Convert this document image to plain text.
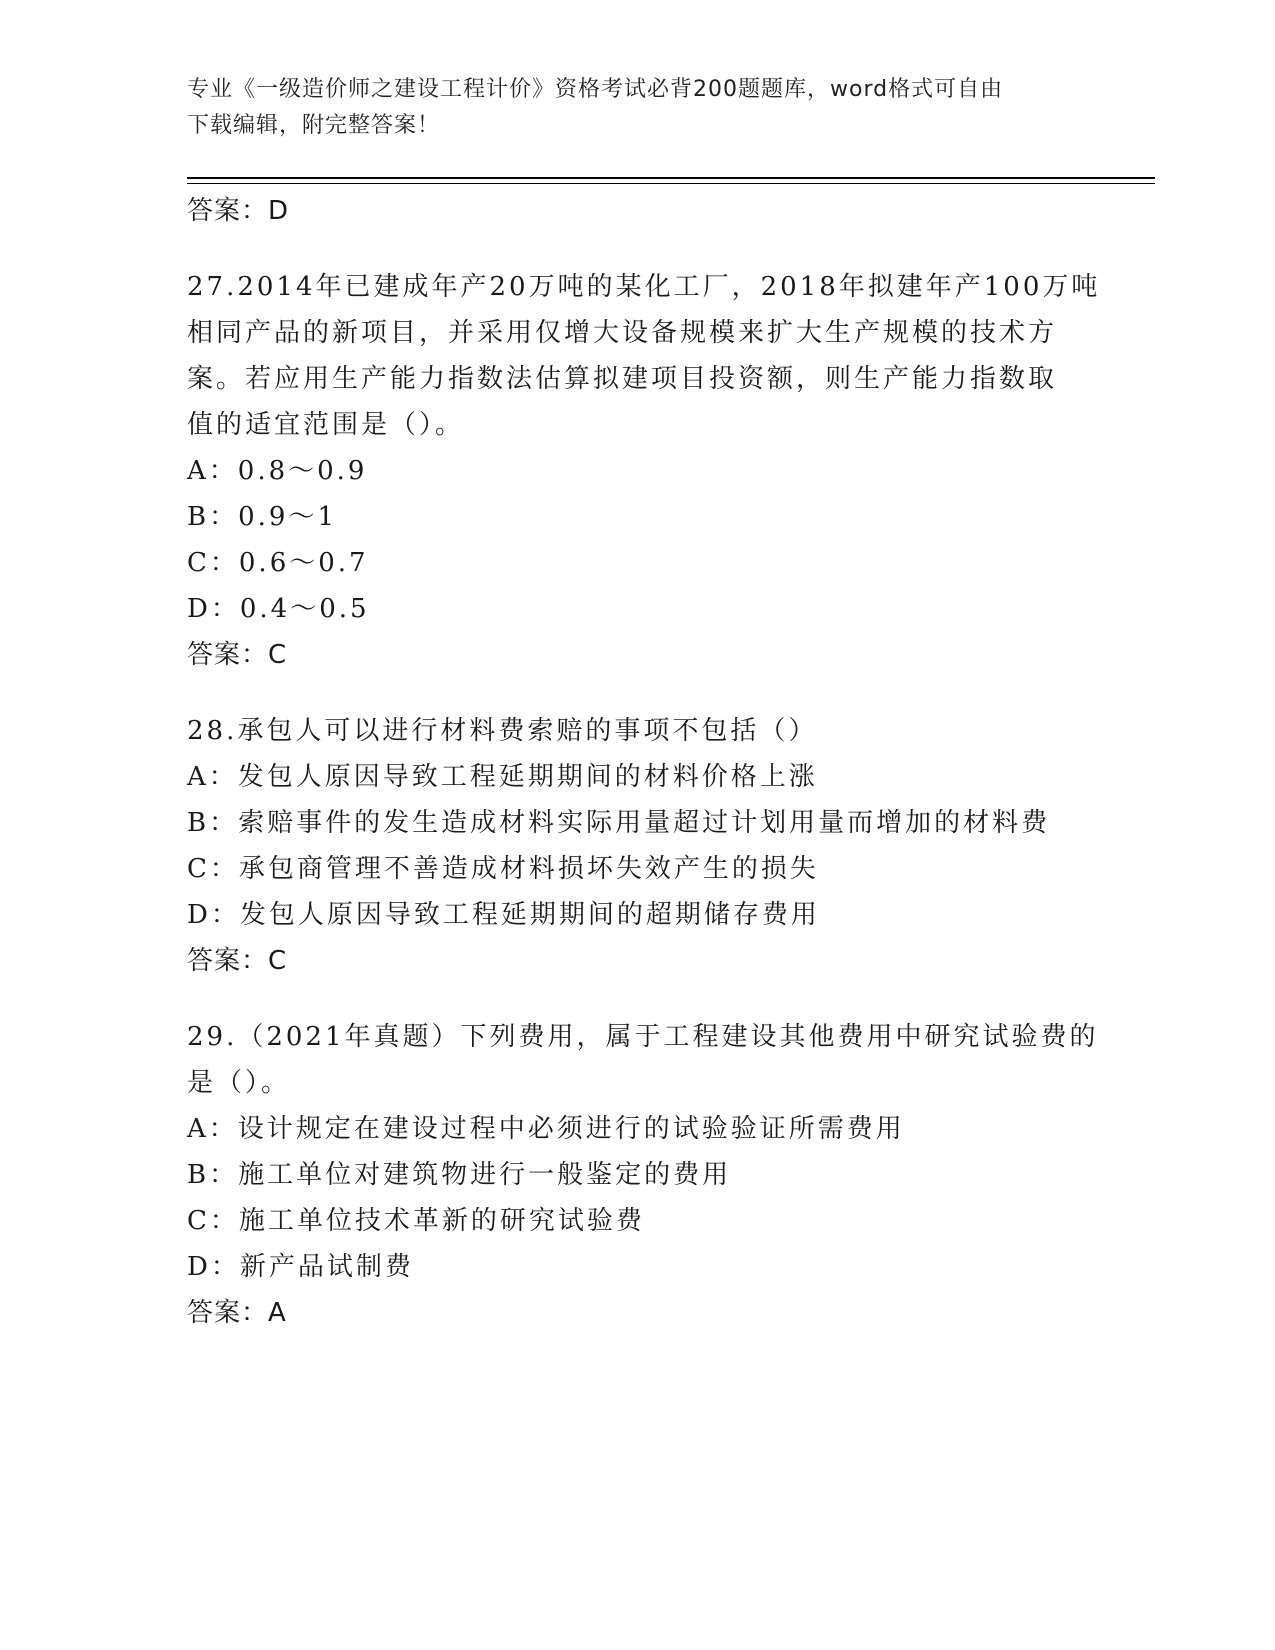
专业《一级造价师之建设工程计价》资格考试必背200题题库，word格式可自由
下载编辑，附完整答案！
答案：D
27.2014年已建成年产20万吨的某化工厂，2018年拟建年产100万吨
相同产品的新项目，并采用仅增大设备规模来扩大生产规模的技术方
案。若应用生产能力指数法估算拟建项目投资额，则生产能力指数取
值的适宜范围是（）。
A：0.8～0.9
B：0.9～1
C：0.6～0.7
D：0.4～0.5
答案：C
28.承包人可以进行材料费索赔的事项不包括（）
A：发包人原因导致工程延期期间的材料价格上涨
B：索赔事件的发生造成材料实际用量超过计划用量而增加的材料费
C：承包商管理不善造成材料损坏失效产生的损失
D：发包人原因导致工程延期期间的超期储存费用
答案：C
29.（2021年真题）下列费用，属于工程建设其他费用中研究试验费的
是（）。
A：设计规定在建设过程中必须进行的试验验证所需费用
B：施工单位对建筑物进行一般鉴定的费用
C：施工单位技术革新的研究试验费
D：新产品试制费
答案：A
